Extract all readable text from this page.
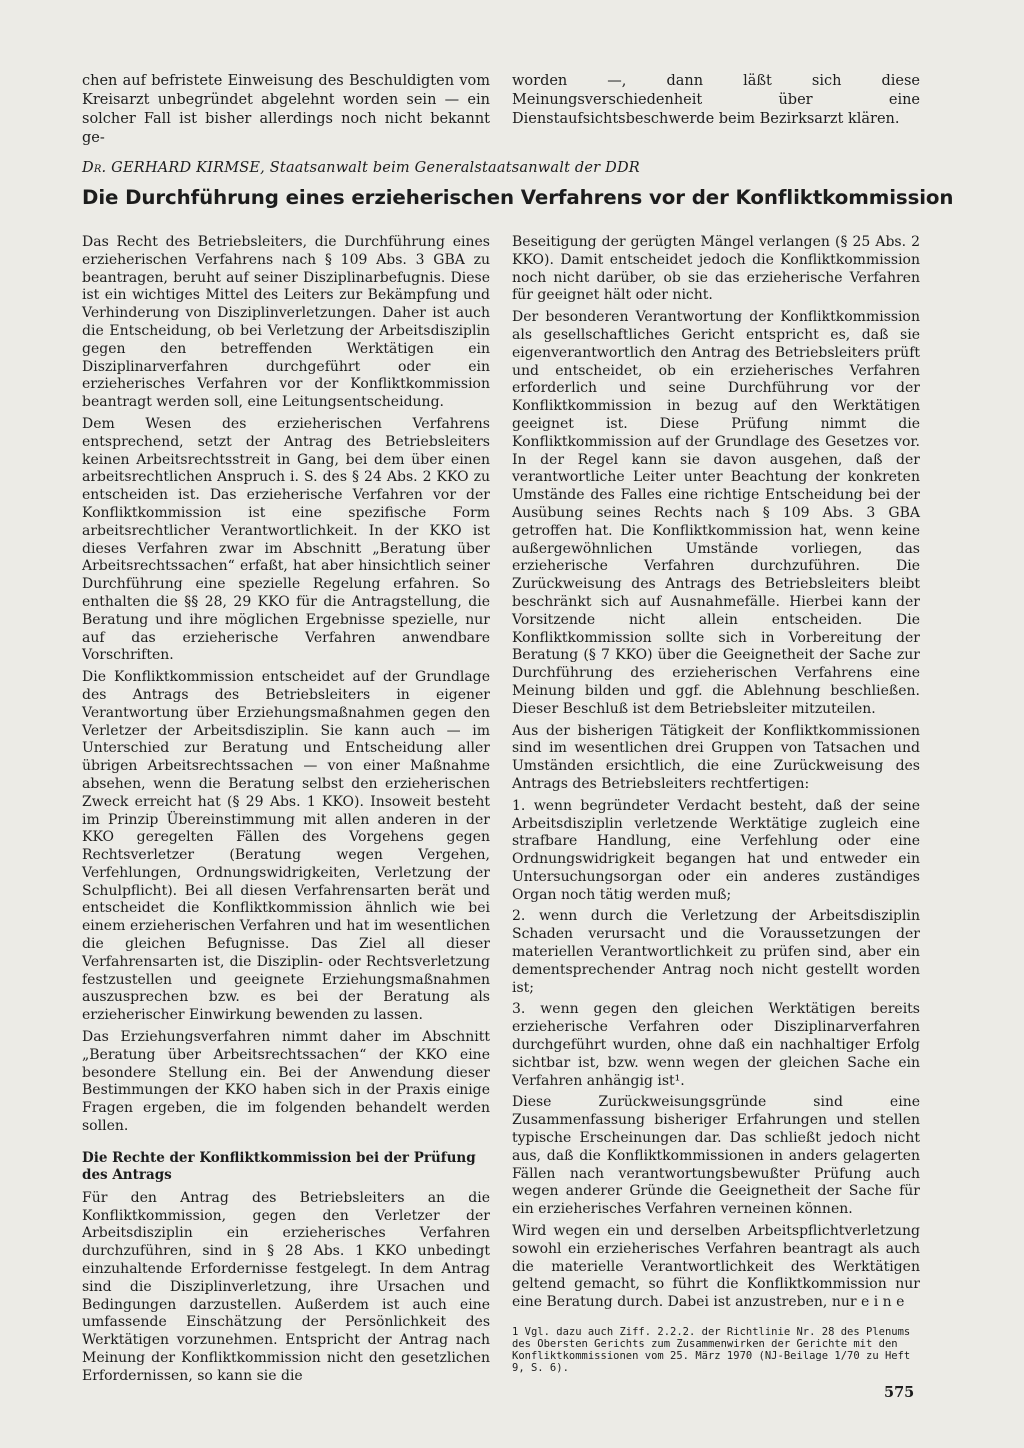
chen auf befristete Einweisung des Beschuldigten vom Kreisarzt unbegründet abgelehnt worden sein — ein solcher Fall ist bisher allerdings noch nicht bekannt ge-

worden —, dann läßt sich diese Meinungsverschiedenheit über eine Dienstaufsichtsbeschwerde beim Bezirksarzt klären.

Dr. GERHARD KIRMSE, Staatsanwalt beim Generalstaatsanwalt der DDR
Die Durchführung eines erzieherischen Verfahrens vor der Konfliktkommission

Das Recht des Betriebsleiters, die Durchführung eines erzieherischen Verfahrens nach § 109 Abs. 3 GBA zu beantragen, beruht auf seiner Disziplinarbefugnis. Diese ist ein wichtiges Mittel des Leiters zur Bekämpfung und Verhinderung von Disziplinverletzungen. Daher ist auch die Entscheidung, ob bei Verletzung der Arbeitsdisziplin gegen den betreffenden Werktätigen ein Disziplinarverfahren durchgeführt oder ein erzieherisches Verfahren vor der Konfliktkommission beantragt werden soll, eine Leitungsentscheidung.

Dem Wesen des erzieherischen Verfahrens entsprechend, setzt der Antrag des Betriebsleiters keinen Arbeitsrechtsstreit in Gang, bei dem über einen arbeitsrechtlichen Anspruch i. S. des § 24 Abs. 2 KKO zu entscheiden ist. Das erzieherische Verfahren vor der Konfliktkommission ist eine spezifische Form arbeitsrechtlicher Verantwortlichkeit. In der KKO ist dieses Verfahren zwar im Abschnitt „Beratung über Arbeitsrechtssachen“ erfaßt, hat aber hinsichtlich seiner Durchführung eine spezielle Regelung erfahren. So enthalten die §§ 28, 29 KKO für die Antragstellung, die Beratung und ihre möglichen Ergebnisse spezielle, nur auf das erzieherische Verfahren anwendbare Vorschriften.

Die Konfliktkommission entscheidet auf der Grundlage des Antrags des Betriebsleiters in eigener Verantwortung über Erziehungsmaßnahmen gegen den Verletzer der Arbeitsdisziplin. Sie kann auch — im Unterschied zur Beratung und Entscheidung aller übrigen Arbeitsrechtssachen — von einer Maßnahme absehen, wenn die Beratung selbst den erzieherischen Zweck erreicht hat (§ 29 Abs. 1 KKO). Insoweit besteht im Prinzip Übereinstimmung mit allen anderen in der KKO geregelten Fällen des Vorgehens gegen Rechtsverletzer (Beratung wegen Vergehen, Verfehlungen, Ordnungswidrigkeiten, Verletzung der Schulpflicht). Bei all diesen Verfahrensarten berät und entscheidet die Konfliktkommission ähnlich wie bei einem erzieherischen Verfahren und hat im wesentlichen die gleichen Befugnisse. Das Ziel all dieser Verfahrensarten ist, die Disziplin- oder Rechtsverletzung festzustellen und geeignete Erziehungsmaßnahmen auszusprechen bzw. es bei der Beratung als erzieherischer Einwirkung bewenden zu lassen.

Das Erziehungsverfahren nimmt daher im Abschnitt „Beratung über Arbeitsrechtssachen“ der KKO eine besondere Stellung ein. Bei der Anwendung dieser Bestimmungen der KKO haben sich in der Praxis einige Fragen ergeben, die im folgenden behandelt werden sollen.

Die Rechte der Konfliktkommission bei der Prüfung des Antrags

Für den Antrag des Betriebsleiters an die Konfliktkommission, gegen den Verletzer der Arbeitsdisziplin ein erzieherisches Verfahren durchzuführen, sind in § 28 Abs. 1 KKO unbedingt einzuhaltende Erfordernisse festgelegt. In dem Antrag sind die Disziplinverletzung, ihre Ursachen und Bedingungen darzustellen. Außerdem ist auch eine umfassende Einschätzung der Persönlichkeit des Werktätigen vorzunehmen. Entspricht der Antrag nach Meinung der Konfliktkommission nicht den gesetzlichen Erfordernissen, so kann sie die

Beseitigung der gerügten Mängel verlangen (§ 25 Abs. 2 KKO). Damit entscheidet jedoch die Konfliktkommission noch nicht darüber, ob sie das erzieherische Verfahren für geeignet hält oder nicht.

Der besonderen Verantwortung der Konfliktkommission als gesellschaftliches Gericht entspricht es, daß sie eigenverantwortlich den Antrag des Betriebsleiters prüft und entscheidet, ob ein erzieherisches Verfahren erforderlich und seine Durchführung vor der Konfliktkommission in bezug auf den Werktätigen geeignet ist. Diese Prüfung nimmt die Konfliktkommission auf der Grundlage des Gesetzes vor. In der Regel kann sie davon ausgehen, daß der verantwortliche Leiter unter Beachtung der konkreten Umstände des Falles eine richtige Entscheidung bei der Ausübung seines Rechts nach § 109 Abs. 3 GBA getroffen hat. Die Konfliktkommission hat, wenn keine außergewöhnlichen Umstände vorliegen, das erzieherische Verfahren durchzuführen. Die Zurückweisung des Antrags des Betriebsleiters bleibt beschränkt sich auf Ausnahmefälle. Hierbei kann der Vorsitzende nicht allein entscheiden. Die Konfliktkommission sollte sich in Vorbereitung der Beratung (§ 7 KKO) über die Geeignetheit der Sache zur Durchführung des erzieherischen Verfahrens eine Meinung bilden und ggf. die Ablehnung beschließen. Dieser Beschluß ist dem Betriebsleiter mitzuteilen.

Aus der bisherigen Tätigkeit der Konfliktkommissionen sind im wesentlichen drei Gruppen von Tatsachen und Umständen ersichtlich, die eine Zurückweisung des Antrags des Betriebsleiters rechtfertigen:

1. wenn begründeter Verdacht besteht, daß der seine Arbeitsdisziplin verletzende Werktätige zugleich eine strafbare Handlung, eine Verfehlung oder eine Ordnungswidrigkeit begangen hat und entweder ein Untersuchungsorgan oder ein anderes zuständiges Organ noch tätig werden muß;

2. wenn durch die Verletzung der Arbeitsdisziplin Schaden verursacht und die Voraussetzungen der materiellen Verantwortlichkeit zu prüfen sind, aber ein dementsprechender Antrag noch nicht gestellt worden ist;

3. wenn gegen den gleichen Werktätigen bereits erzieherische Verfahren oder Disziplinarverfahren durchgeführt wurden, ohne daß ein nachhaltiger Erfolg sichtbar ist, bzw. wenn wegen der gleichen Sache ein Verfahren anhängig ist¹.

Diese Zurückweisungsgründe sind eine Zusammenfassung bisheriger Erfahrungen und stellen typische Erscheinungen dar. Das schließt jedoch nicht aus, daß die Konfliktkommissionen in anders gelagerten Fällen nach verantwortungsbewußter Prüfung auch wegen anderer Gründe die Geeignetheit der Sache für ein erzieherisches Verfahren verneinen können.

Wird wegen ein und derselben Arbeitspflichtverletzung sowohl ein erzieherisches Verfahren beantragt als auch die materielle Verantwortlichkeit des Werktätigen geltend gemacht, so führt die Konfliktkommission nur eine Beratung durch. Dabei ist anzustreben, nur e i n e

1 Vgl. dazu auch Ziff. 2.2.2. der Richtlinie Nr. 28 des Plenums des Obersten Gerichts zum Zusammenwirken der Gerichte mit den Konfliktkommissionen vom 25. März 1970 (NJ-Beilage 1/70 zu Heft 9, S. 6).

575
